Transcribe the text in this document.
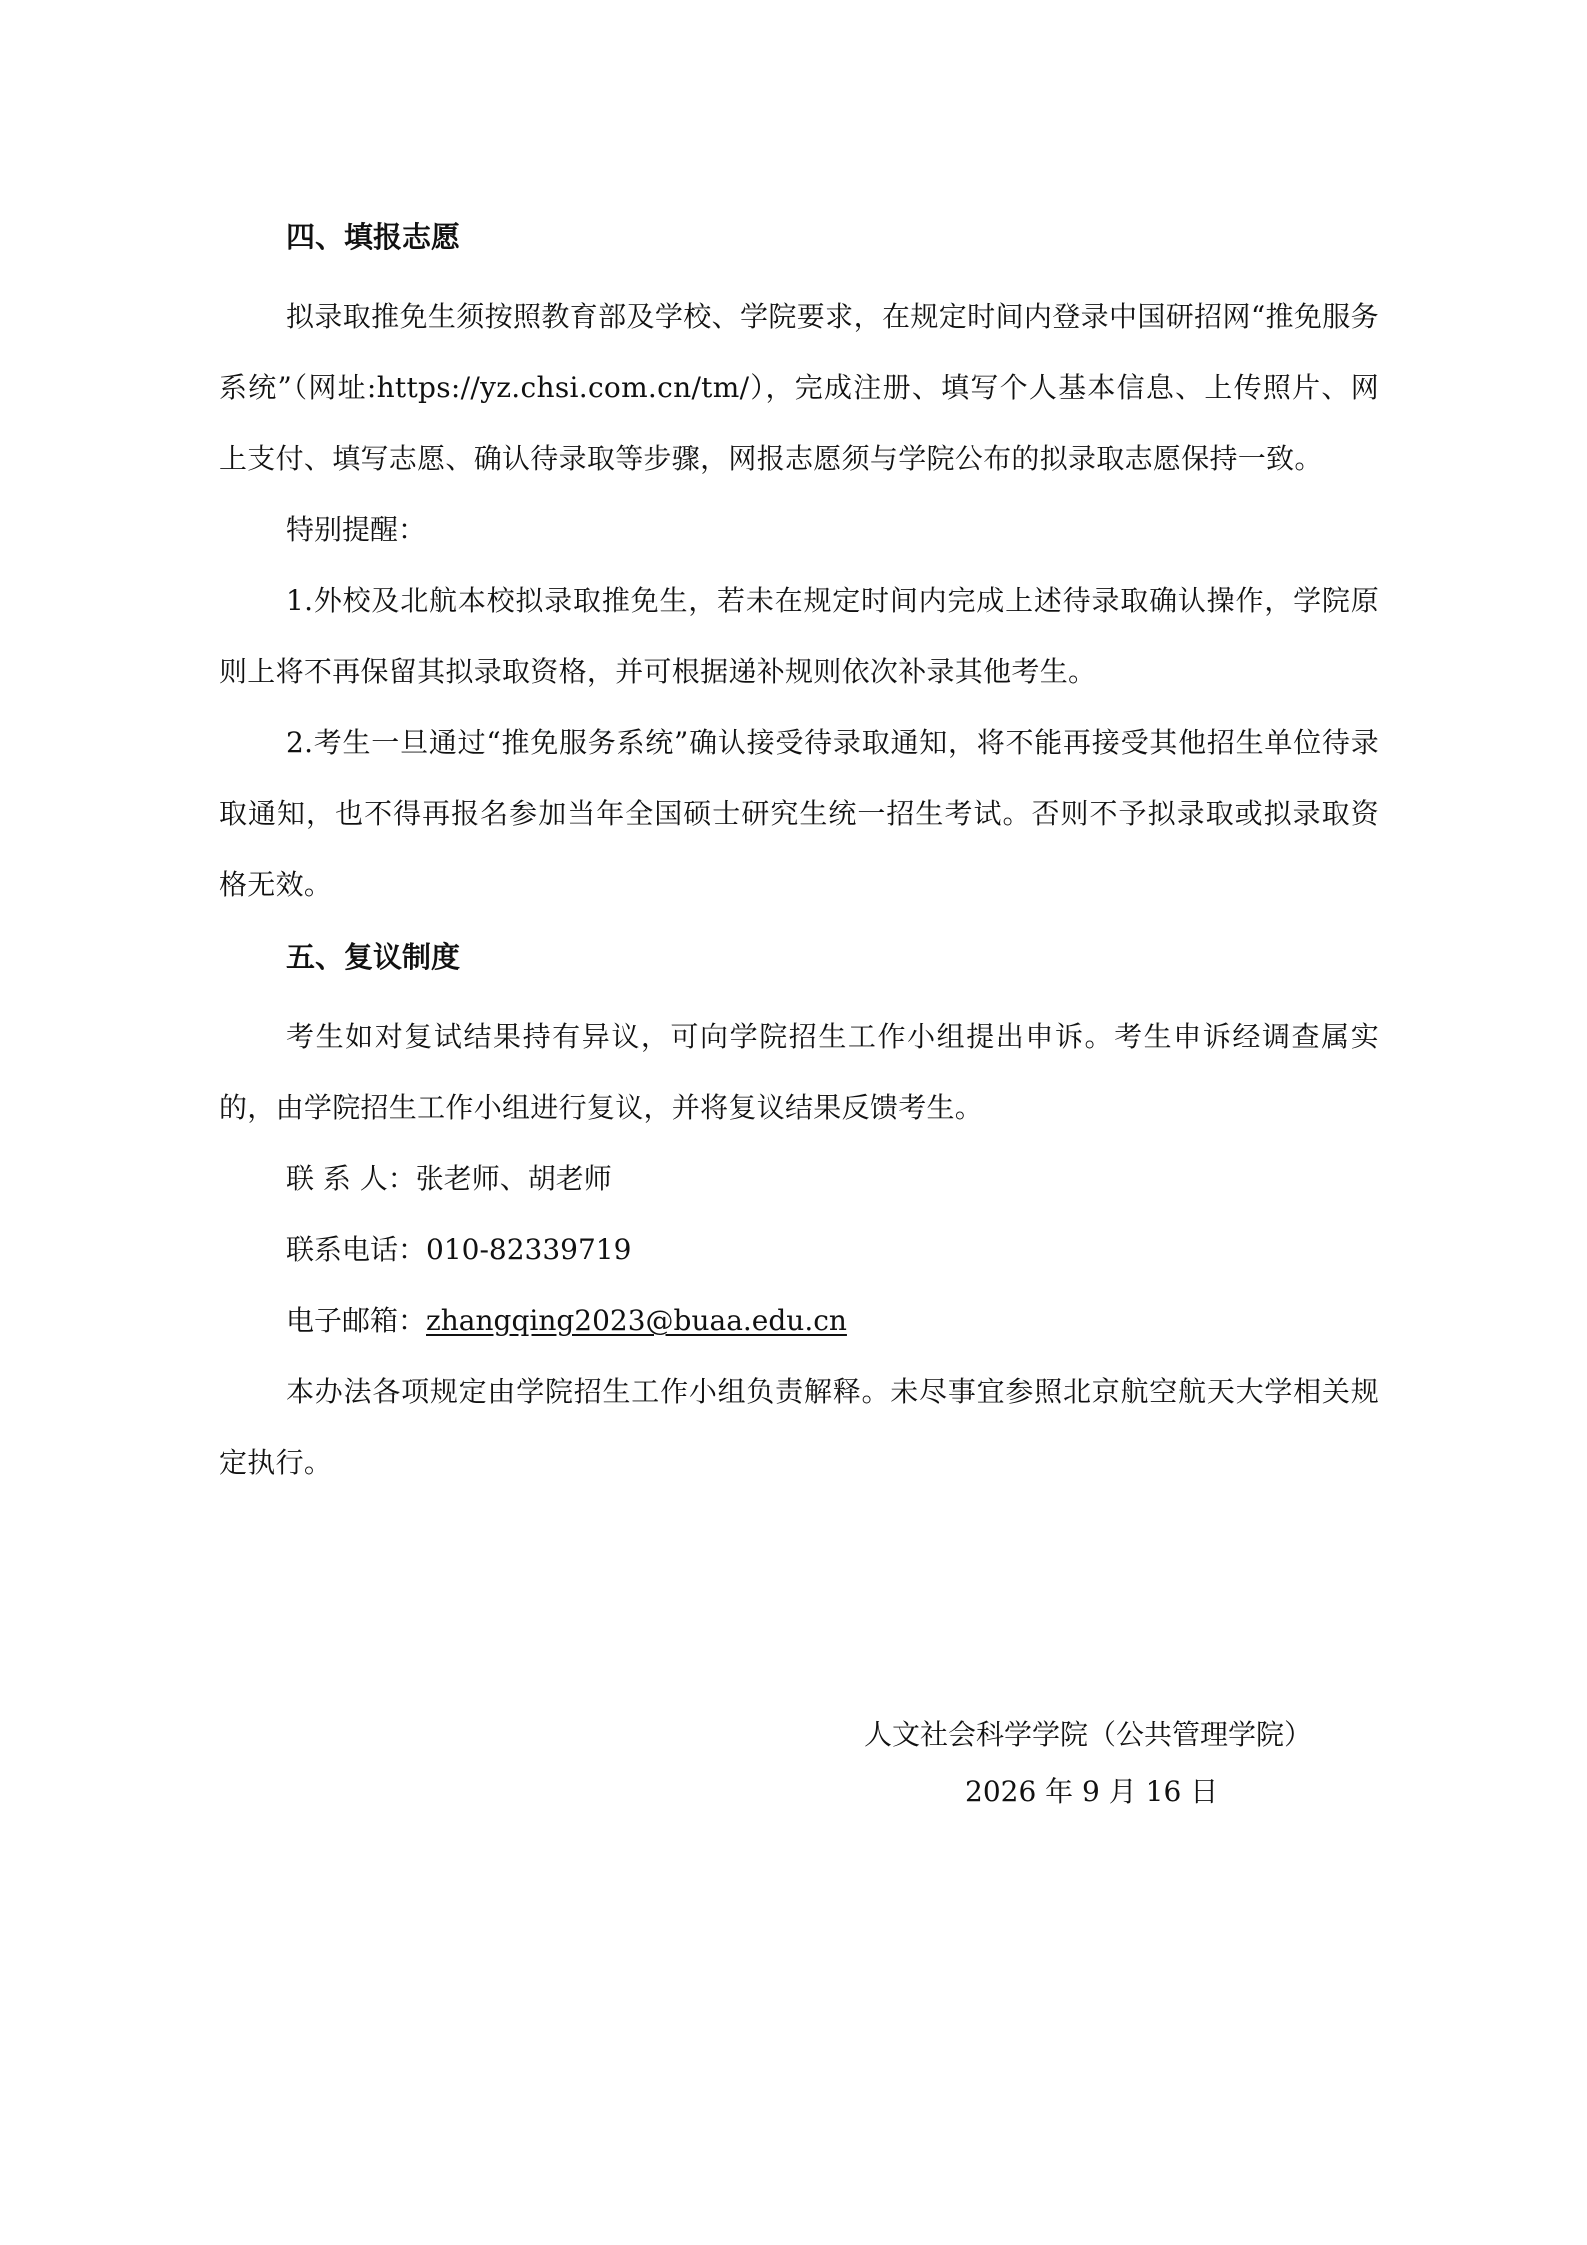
四、填报志愿

拟录取推免生须按照教育部及学校、学院要求，在规定时间内登录中国研招网“推免服务系统”（网址:https://yz.chsi.com.cn/tm/），完成注册、填写个人基本信息、上传照片、网上支付、填写志愿、确认待录取等步骤，网报志愿须与学院公布的拟录取志愿保持一致。

特别提醒：

1.外校及北航本校拟录取推免生，若未在规定时间内完成上述待录取确认操作，学院原则上将不再保留其拟录取资格，并可根据递补规则依次补录其他考生。

2.考生一旦通过“推免服务系统”确认接受待录取通知，将不能再接受其他招生单位待录取通知，也不得再报名参加当年全国硕士研究生统一招生考试。否则不予拟录取或拟录取资格无效。

五、复议制度

考生如对复试结果持有异议，可向学院招生工作小组提出申诉。考生申诉经调查属实的，由学院招生工作小组进行复议，并将复议结果反馈考生。

联 系 人：张老师、胡老师

联系电话：010-82339719

电子邮箱：zhangqing2023@buaa.edu.cn

本办法各项规定由学院招生工作小组负责解释。未尽事宜参照北京航空航天大学相关规定执行。

人文社会科学学院（公共管理学院）
2026 年 9 月 16 日
